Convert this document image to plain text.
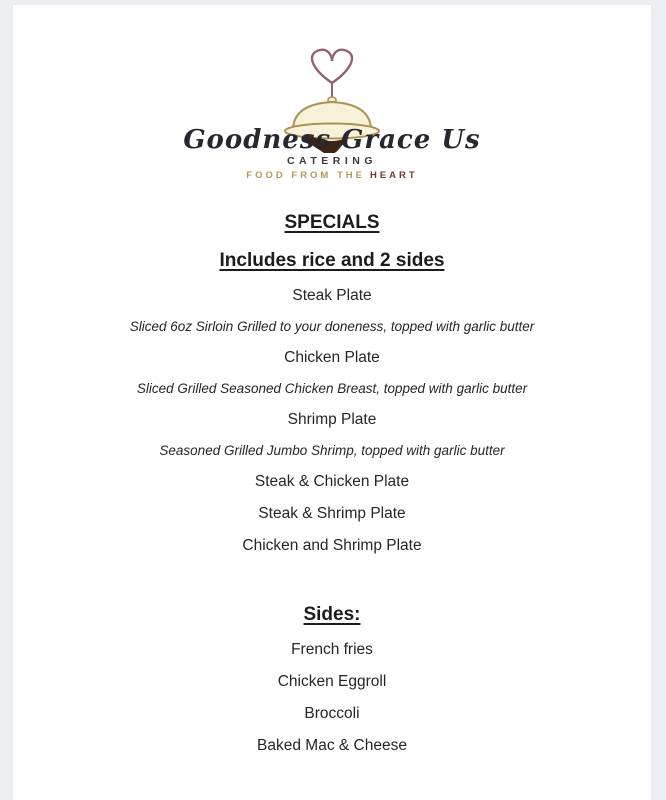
Goodness Grace Us
CATERING
FOOD FROM THE HEART

SPECIALS

Includes rice and 2 sides

Steak Plate

Sliced 6oz Sirloin Grilled to your doneness, topped with garlic butter

Chicken Plate

Sliced Grilled Seasoned Chicken Breast, topped with garlic butter

Shrimp Plate

Seasoned Grilled Jumbo Shrimp, topped with garlic butter

Steak & Chicken Plate

Steak & Shrimp Plate

Chicken and Shrimp Plate

Sides:

French fries

Chicken Eggroll

Broccoli

Baked Mac & Cheese
